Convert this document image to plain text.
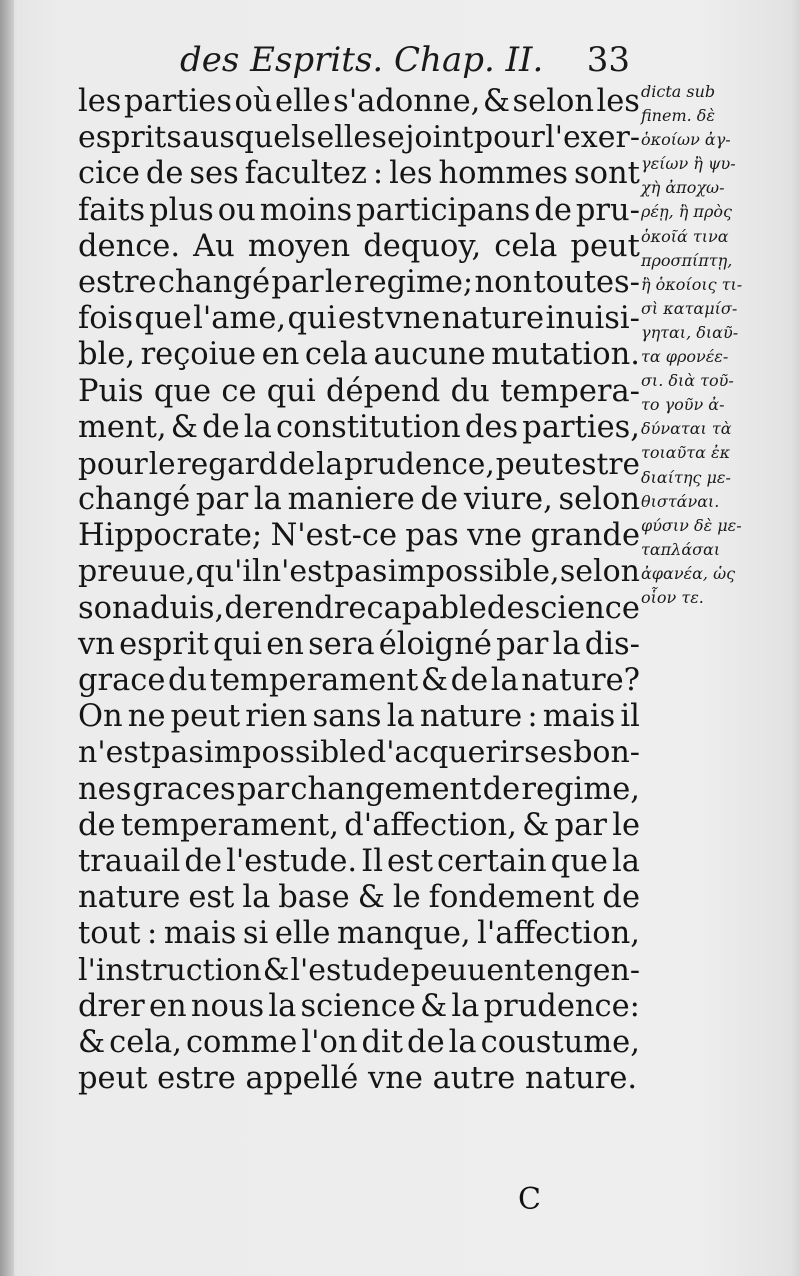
des Esprits. Chap. II. 33
les parties où elle s'adonne, & selon les
esprits ausquels elle se joint pour l'exer-
cice de ses facultez : les hommes sont
faits plus ou moins participans de pru-
dence. Au moyen dequoy, cela peut
estre changé par le regime; non toutes-
fois que l'ame, qui est vne nature inuisi-
ble, reçoiue en cela aucune mutation.
Puis que ce qui dépend du tempera-
ment, & de la constitution des parties,
pour le regard de la prudence, peut estre
changé par la maniere de viure, selon
Hippocrate; N'est-ce pas vne grande
preuue, qu'il n'est pas impossible, selon
son aduis, de rendre capable de science
vn esprit qui en sera éloigné par la dis-
grace du temperament & de la nature?
On ne peut rien sans la nature : mais il
n'est pas impossible d'acquerir ses bon-
nes graces par changement de regime,
de temperament, d'affection, & par le
trauail de l'estude. Il est certain que la
nature est la base & le fondement de
tout : mais si elle manque, l'affection,
l'instruction & l'estude peuuent engen-
drer en nous la science & la prudence:
& cela, comme l'on dit de la coustume,
peut estre appellé vne autre nature.
dicta sub
finem. δὲ
ὁκοίων ἀγ-
γείων ἢ ψυ-
χὴ ἀποχω-
ρέῃ, ἢ πρὸς
ὁκοῖά τινα
προσπίπτῃ,
ἢ ὁκοίοις τι-
σὶ καταμίσ-
γηται, διαῦ-
τα φρονέε-
σι. διὰ τοῦ-
το γοῦν ἀ-
δύναται τὰ
τοιαῦτα ἐκ
διαίτης με-
θιστάναι.
φύσιν δὲ με-
ταπλάσαι
ἀφανέα, ὡς
οἷον τε.
C
